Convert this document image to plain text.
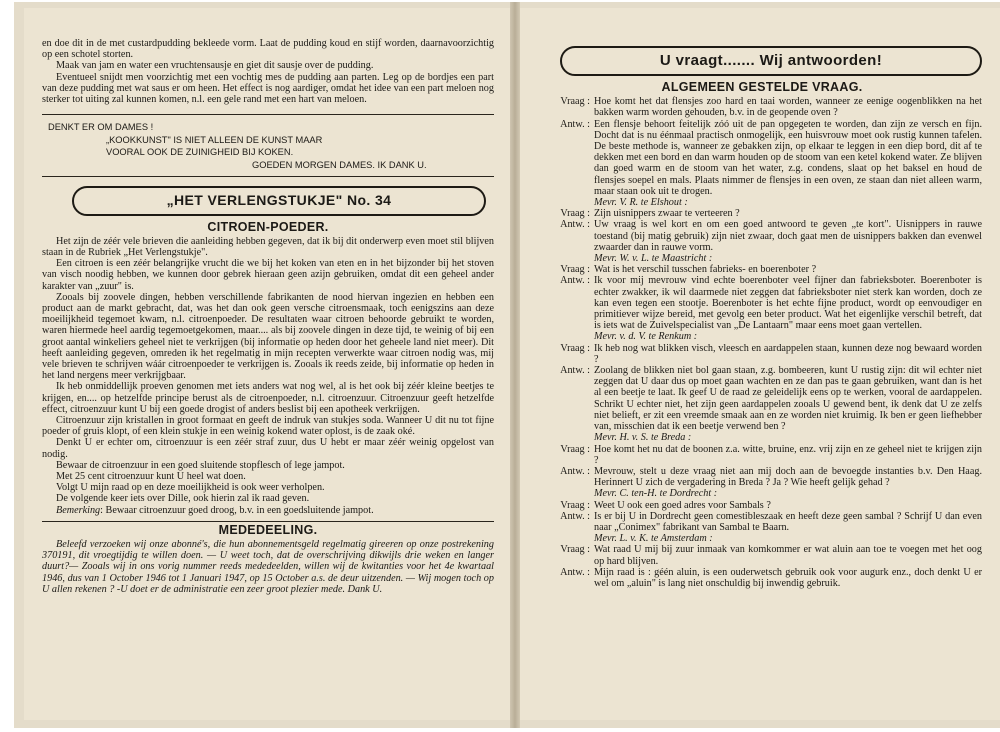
en doe dit in de met custardpudding bekleede vorm. Laat de pudding koud en stijf worden, daarnavoorzichtig op een schotel storten.

Maak van jam en water een vruchtensausje en giet dit sausje over de pudding.

Eventueel snijdt men voorzichtig met een vochtig mes de pudding aan parten. Leg op de bordjes een part van deze pudding met wat saus er om heen. Het effect is nog aardiger, omdat het idee van een part meloen nog sterker tot uiting zal kunnen komen, n.l. een gele rand met een hart van meloen.

DENKT ER OM DAMES !
„KOOKKUNST" IS NIET ALLEEN DE KUNST MAAR
VOORAL OOK DE ZUINIGHEID BIJ KOKEN.
GOEDEN MORGEN DAMES. IK DANK U.
„HET VERLENGSTUKJE" No. 34
CITROEN-POEDER.

Het zijn de zéér vele brieven die aanleiding hebben gegeven, dat ik bij dit onderwerp even moet stil blijven staan in de Rubriek „Het Verlengstukje".

Een citroen is een zéér belangrijke vrucht die we bij het koken van eten en in het bijzonder bij het stoven van visch noodig hebben, we kunnen door gebrek hieraan geen azijn gebruiken, omdat dit een geheel ander karakter van „zuur" is.

Zooals bij zoovele dingen, hebben verschillende fabrikanten de nood hiervan ingezien en hebben een product aan de markt gebracht, dat, was het dan ook geen versche citroensmaak, toch eenigszins aan deze moeilijkheid tegemoet kwam, n.l. citroenpoeder. De resultaten waar citroen behoorde gebruikt te worden, waren hiermede heel aardig tegemoetgekomen, maar.... als bij zoovele dingen in deze tijd, te weinig of bij een groot aantal winkeliers geheel niet te verkrijgen (bij informatie op heden door het geheele land niet meer). Dit heeft aanleiding gegeven, omreden ik het regelmatig in mijn recepten verwerkte waar citroen nodig was, mij vele brieven te schrijven wáár citroenpoeder te verkrijgen is. Zooals ik reeds zeide, bij informatie op heden in het land nergens meer verkrijgbaar.

Ik heb onmiddellijk proeven genomen met iets anders wat nog wel, al is het ook bij zéér kleine beetjes te krijgen, en.... op hetzelfde principe berust als de citroenpoeder, n.l. citroenzuur. Citroenzuur geeft hetzelfde effect, citroenzuur kunt U bij een goede drogist of anders beslist bij een apotheek verkrijgen.

Citroenzuur zijn kristallen in groot formaat en geeft de indruk van stukjes soda. Wanneer U dit nu tot fijne poeder of gruis klopt, of een klein stukje in een weinig kokend water oplost, is de zaak oké.

Denkt U er echter om, citroenzuur is een zéér straf zuur, dus U hebt er maar zéér weinig opgelost van nodig.

Bewaar de citroenzuur in een goed sluitende stopflesch of lege jampot.

Met 25 cent citroenzuur kunt U heel wat doen.

Volgt U mijn raad op en deze moeilijkheid is ook weer verholpen.

De volgende keer iets over Dille, ook hierin zal ik raad geven.

Bemerking: Bewaar citroenzuur goed droog, b.v. in een goedsluitende jampot.

MEDEDEELING.

Beleefd verzoeken wij onze abonné's, die hun abonnementsgeld regelmatig gireeren op onze postrekening 370191, dit vroegtijdig te willen doen. — U weet toch, dat de overschrijving dikwijls drie weken en langer duurt?— Zooals wij in ons vorig nummer reeds mededeelden, willen wij de kwitanties voor het 4e kwartaal 1946, dus van 1 October 1946 tot 1 Januari 1947, op 15 October a.s. de deur uitzenden. — Wij mogen toch op U allen rekenen ? -U doet er de administratie een zeer groot plezier mede. Dank U.

U vraagt....... Wij antwoorden!
ALGEMEEN GESTELDE VRAAG.
Vraag : Hoe komt het dat flensjes zoo hard en taai worden, wanneer ze eenige oogenblikken na het bakken warm worden gehouden, b.v. in de geopende oven ?
Antw. : Een flensje behoort feitelijk zóó uit de pan opgegeten te worden, dan zijn ze versch en fijn. Docht dat is nu éénmaal practisch onmogelijk, een huisvrouw moet ook rustig kunnen tafelen. De beste methode is, wanneer ze gebakken zijn, op elkaar te leggen in een diep bord, dit af te dekken met een bord en dan warm houden op de stoom van een ketel kokend water. Ze blijven dan goed warm en de stoom van het water, z.g. condens, slaat op het baksel en houd de flensjes soepel en mals. Plaats nimmer de flensjes in een oven, ze staan dan niet alleen warm, maar staan ook uit te drogen.
Mevr. V. R. te Elshout :
Vraag : Zijn uisnippers zwaar te verteeren ?
Antw. : Uw vraag is wel kort en om een goed antwoord te geven „te kort". Uisnippers in rauwe toestand (bij matig gebruik) zijn niet zwaar, doch gaat men de uisnippers bakken dan evenwel zwaarder dan in rauwe vorm.
Mevr. W. v. L. te Maastricht :
Vraag : Wat is het verschil tusschen fabrieks- en boerenboter ?
Antw. : Ik voor mij mevrouw vind echte boerenboter veel fijner dan fabrieksboter. Boerenboter is echter zwakker, ik wil daarmede niet zeggen dat fabrieksboter niet sterk kan worden, doch ze kan even tegen een stootje. Boerenboter is het echte fijne product, wordt op eenvoudiger en primitiever wijze bereid, met gevolg een beter product. Wat het eigenlijke verschil betreft, dat is iets wat de Zuivelspecialist van „De Lantaarn" maar eens moet gaan vertellen.
Mevr. v. d. V. te Renkum :
Vraag : Ik heb nog wat blikken visch, vleesch en aardappelen staan, kunnen deze nog bewaard worden ?
Antw. : Zoolang de blikken niet bol gaan staan, z.g. bombeeren, kunt U rustig zijn: dit wil echter niet zeggen dat U daar dus op moet gaan wachten en ze dan pas te gaan gebruiken, want dan is het al een beetje te laat. Ik geef U de raad ze geleidelijk eens op te werken, vooral de aardappelen. Schrikt U echter niet, het zijn geen aardappelen zooals U gewend bent, ik denk dat U ze zelfs niet belieft, er zit een vreemde smaak aan en ze worden niet kruimig. Ik ben er geen liefhebber van, misschien dat ik een beetje verwend ben ?
Mevr. H. v. S. te Breda :
Vraag : Hoe komt het nu dat de boonen z.a. witte, bruine, enz. vrij zijn en ze geheel niet te krijgen zijn ?
Antw. : Mevrouw, stelt u deze vraag niet aan mij doch aan de bevoegde instanties b.v. Den Haag. Herinnert U zich de vergadering in Breda ? Ja ? Wie heeft gelijk gehad ?
Mevr. C. ten-H. te Dordrecht :
Vraag : Weet U ook een goed adres voor Sambals ?
Antw. : Is er bij U in Dordrecht geen comestibleszaak en heeft deze geen sambal ? Schrijf U dan even naar „Conimex" fabrikant van Sambal te Baarn.
Mevr. L. v. K. te Amsterdam :
Vraag : Wat raad U mij bij zuur inmaak van komkommer er wat aluin aan toe te voegen met het oog op hard blijven.
Antw. : Mijn raad is : géén aluin, is een ouderwetsch gebruik ook voor augurk enz., doch denkt U er wel om „aluin" is lang niet onschuldig bij inwendig gebruik.
